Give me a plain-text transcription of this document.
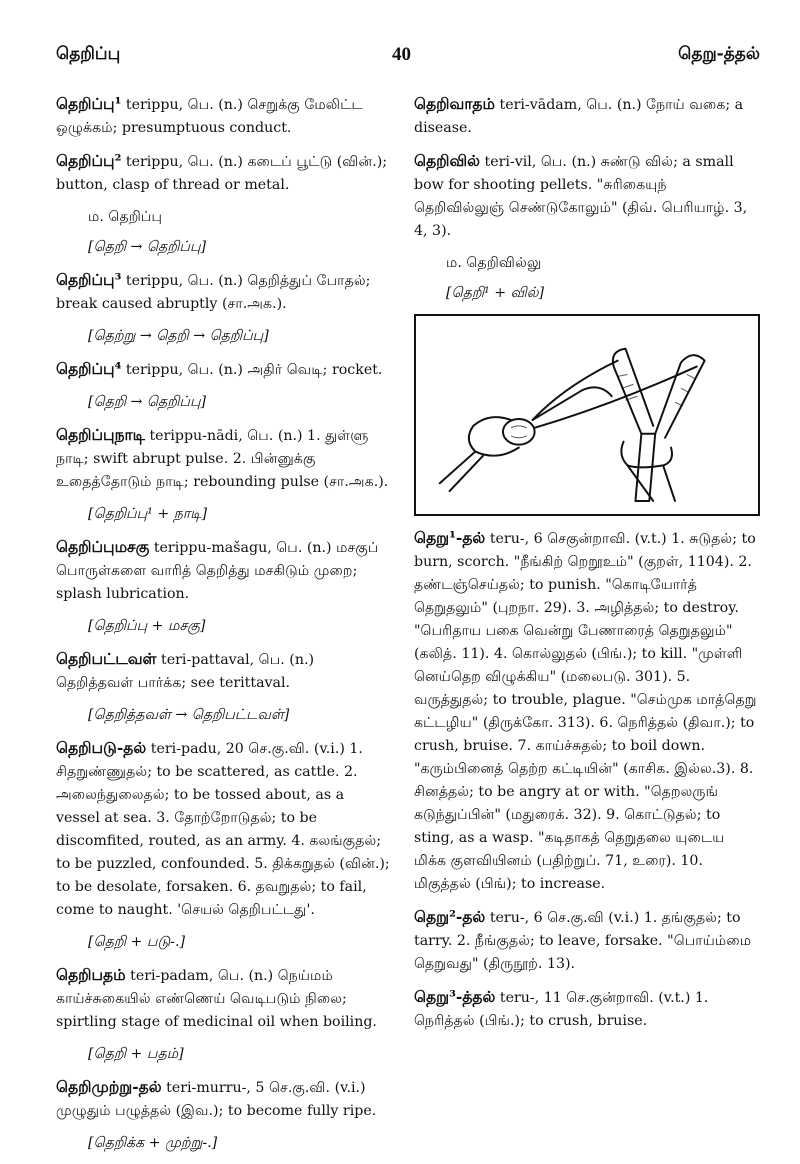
தெறிப்பு	40	தெறு-த்தல்
தெறிப்பு¹ terippu, பெ. (n.) செறுக்கு மேலிட்ட ஒழுக்கம்; presumptuous conduct.
தெறிப்பு² terippu, பெ. (n.) கடைப் பூட்டு (வின்.); button, clasp of thread or metal.
ம. தெறிப்பு
[தெறி → தெறிப்பு]
தெறிப்பு³ terippu, பெ. (n.) தெறித்துப் போதல்; break caused abruptly (சா.அக.).
[தெற்று → தெறி → தெறிப்பு]
தெறிப்பு⁴ terippu, பெ. (n.) அதிர் வெடி; rocket.
[தெறி → தெறிப்பு]
தெறிப்புநாடி terippu-nādi, பெ. (n.) 1. துள்ளு நாடி; swift abrupt pulse. 2. பின்னுக்கு உதைத்தோடும் நாடி; rebounding pulse (சா.அக.).
[தெறிப்பு¹ + நாடி]
தெறிப்புமசகு terippu-mašagu, பெ. (n.) மசகுப் பொருள்களை வாரித் தெறித்து மசகிடும் முறை; splash lubrication.
[தெறிப்பு + மசகு]
தெறிபட்டவள் teri-pattaval, பெ. (n.) தெறித்தவள் பார்க்க; see terittaval.
[தெறித்தவள் → தெறிபட்டவள்]
தெறிபடு-தல் teri-padu, 20 செ.கு.வி. (v.i.) 1. சிதறுண்ணுதல்; to be scattered, as cattle. 2. அலைந்துலைதல்; to be tossed about, as a vessel at sea. 3. தோற்றோடுதல்; to be discomfited, routed, as an army. 4. கலங்குதல்; to be puzzled, confounded. 5. திக்கறுதல் (வின்.); to be desolate, forsaken. 6. தவறுதல்; to fail, come to naught. 'செயல் தெறிபட்டது'.
[தெறி + படு-.]
தெறிபதம் teri-padam, பெ. (n.) நெய்மம் காய்ச்சுகையில் எண்ணெய் வெடிபடும் நிலை; spirtling stage of medicinal oil when boiling.
[தெறி + பதம்]
தெறிமுற்று-தல் teri-murru-, 5 செ.கு.வி. (v.i.) முழுதும் பழுத்தல் (இவ.); to become fully ripe.
[தெறிக்க + முற்று-.]
தெறிவாதம் teri-vādam, பெ. (n.) நோய் வகை; a disease.
தெறிவில் teri-vil, பெ. (n.) சுண்டு வில்; a small bow for shooting pellets. "சுரிகையுந் தெறிவில்லுஞ் செண்டுகோலும்" (திவ். பெரியாழ். 3, 4, 3).
ம. தெறிவில்லு
[தெறி¹ + வில்]
தெறு¹-தல் teru-, 6 செகுன்றாவி. (v.t.) 1. சுடுதல்; to burn, scorch. "நீங்கிற் றெறூஉம்" (குறள், 1104). 2. தண்டஞ்செய்தல்; to punish. "கொடியோர்த் தெறுதலும்" (புறநா. 29). 3. அழித்தல்; to destroy. "பெரிதாய பகை வென்று பேணாரைத் தெறுதலும்" (கலித். 11). 4. கொல்லுதல் (பிங்.); to kill. "முள்ளி னெய்தெற விழுக்கிய" (மலைபடு. 301). 5. வருத்துதல்; to trouble, plague. "செம்முக மாத்தெறு கட்டழிய" (திருக்கோ. 313). 6. நெரித்தல் (திவா.); to crush, bruise. 7. காய்ச்சுதல்; to boil down. "கரும்பினைத் தெற்ற கட்டியின்" (காசிக. இல்ல.3). 8. சினத்தல்; to be angry at or with. "தெறலருங் கடுந்துப்பின்" (மதுரைக். 32). 9. கொட்டுதல்; to sting, as a wasp. "கடிதாகத் தெறுதலை யுடைய மிக்க குளவியினம் (பதிற்றுப். 71, உரை). 10. மிகுத்தல் (பிங்); to increase.
தெறு²-தல் teru-, 6 செ.கு.வி (v.i.) 1. தங்குதல்; to tarry. 2. நீங்குதல்; to leave, forsake. "பொய்ம்மை தெறுவது" (திருநூற். 13).
தெறு³-த்தல் teru-, 11 செ.குன்றாவி. (v.t.) 1. நெரித்தல் (பிங்.); to crush, bruise.
